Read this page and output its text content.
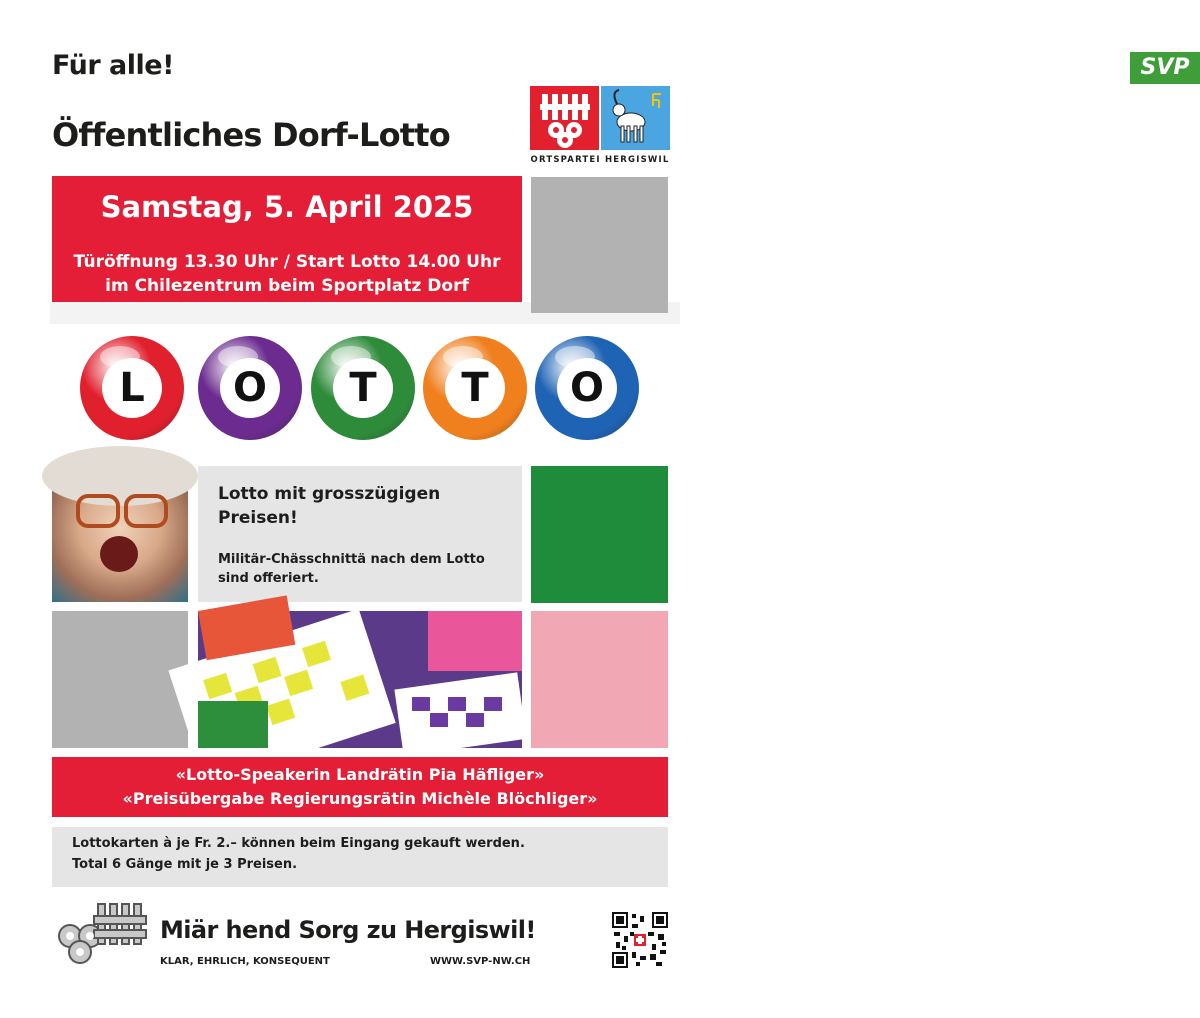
Für alle!
Öffentliches Dorf-Lotto
SVP
ORTSPARTEI HERGISWIL
Samstag, 5. April 2025
Türöffnung 13.30 Uhr / Start Lotto 14.00 Uhr
im Chilezentrum beim Sportplatz Dorf
L	O	T	T	O
Lotto mit grosszügigen Preisen!
Militär-Chässchnittä nach dem Lotto sind offeriert.
«Lotto-Speakerin Landrätin Pia Häfliger»
«Preisübergabe Regierungsrätin Michèle Blöchliger»
Lottokarten à je Fr. 2.– können beim Eingang gekauft werden.
Total 6 Gänge mit je 3 Preisen.
Miär hend Sorg zu Hergiswil!
KLAR, EHRLICH, KONSEQUENT	WWW.SVP-NW.CH
